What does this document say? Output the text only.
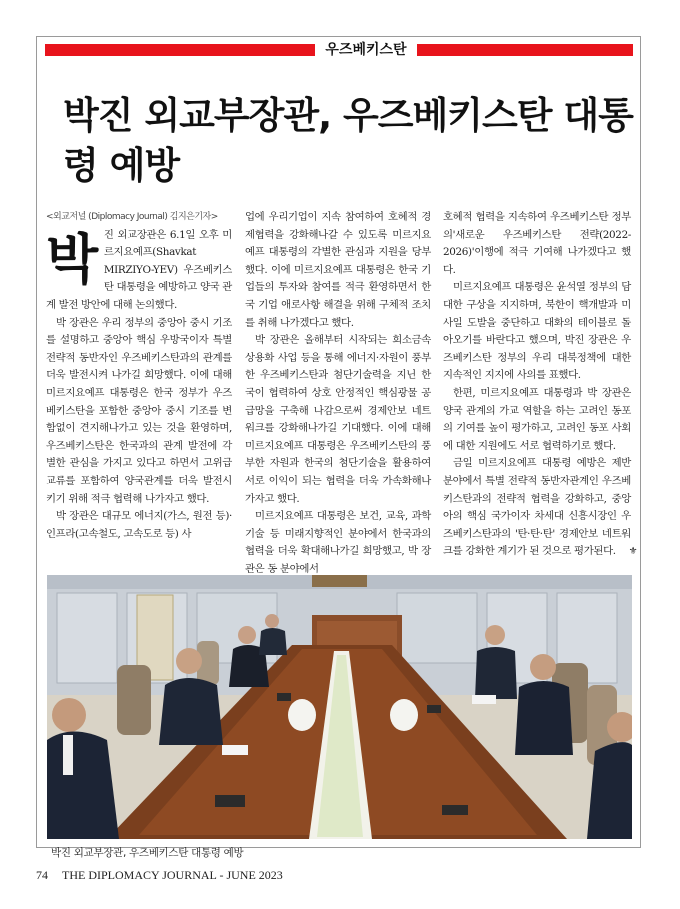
우즈베키스탄
박진 외교부장관, 우즈베키스탄 대통령 예방
<외교저널 (Diplomacy Journal) 김지은기자>

박진 외교장관은 6.1일 오후 미르지요예프(Shavkat MIRZIYO-YEV) 우즈베키스탄 대통령을 예방하고 양국 관계 발전 방안에 대해 논의했다.

박 장관은 우리 정부의 중앙아 중시 기조를 설명하고 중앙아 핵심 우방국이자 특별 전략적 동반자인 우즈베키스탄과의 관계를 더욱 발전시켜 나가길 희망했다. 이에 대해 미르지요예프 대통령은 한국 정부가 우즈베키스탄을 포함한 중앙아 중시 기조를 변함없이 견지해나가고 있는 것을 환영하며, 우즈베키스탄은 한국과의 관계 발전에 각별한 관심을 가지고 있다고 하면서 고위급 교류를 포함하여 양국관계를 더욱 발전시키기 위해 적극 협력해 나가자고 했다.

박 장관은 대규모 에너지(가스, 원전 등)·인프라(고속철도, 고속도로 등) 사

업에 우리기업이 지속 참여하여 호혜적 경제협력을 강화해나갈 수 있도록 미르지요예프 대통령의 각별한 관심과 지원을 당부했다. 이에 미르지요예프 대통령은 한국 기업들의 투자와 참여를 적극 환영하면서 한국 기업 애로사항 해결을 위해 구체적 조치를 취해 나가겠다고 했다.

박 장관은 올해부터 시작되는 희소금속 상용화 사업 등을 통해 에너지·자원이 풍부한 우즈베키스탄과 첨단기술력을 지닌 한국이 협력하여 상호 안정적인 핵심광물 공급망을 구축해 나감으로써 경제안보 네트워크를 강화해나가길 기대했다. 이에 대해 미르지요예프 대통령은 우즈베키스탄의 풍부한 자원과 한국의 첨단기술을 활용하여 서로 이익이 되는 협력을 더욱 가속화해나가자고 했다.

미르지요예프 대통령은 보건, 교육, 과학기술 등 미래지향적인 분야에서 한국과의 협력을 더욱 확대해나가길 희망했고, 박 장관은 동 분야에서

호혜적 협력을 지속하여 우즈베키스탄 정부의'새로운 우즈베키스탄 전략(2022-2026)'이행에 적극 기여해 나가겠다고 했다.

미르지요예프 대통령은 윤석열 정부의 담대한 구상을 지지하며, 북한이 핵개발과 미사일 도발을 중단하고 대화의 테이블로 돌아오기를 바란다고 했으며, 박진 장관은 우즈베키스탄 정부의 우리 대북정책에 대한 지속적인 지지에 사의를 표했다.

한편, 미르지요예프 대통령과 박 장관은 양국 관계의 가교 역할을 하는 고려인 동포의 기여를 높이 평가하고, 고려인 동포 사회에 대한 지원에도 서로 협력하기로 했다.

금일 미르지요예프 대통령 예방은 제반 분야에서 특별 전략적 동반자관계인 우즈베키스탄과의 전략적 협력을 강화하고, 중앙아의 핵심 국가이자 차세대 신흥시장인 우즈베키스탄과의 '탄·탄·탄' 경제안보 네트워크를 강화한 계기가 된 것으로 평가된다. ⚜

박진 외교부장관, 우즈베키스탄 대통령 예방
74 THE DIPLOMACY JOURNAL - JUNE 2023
